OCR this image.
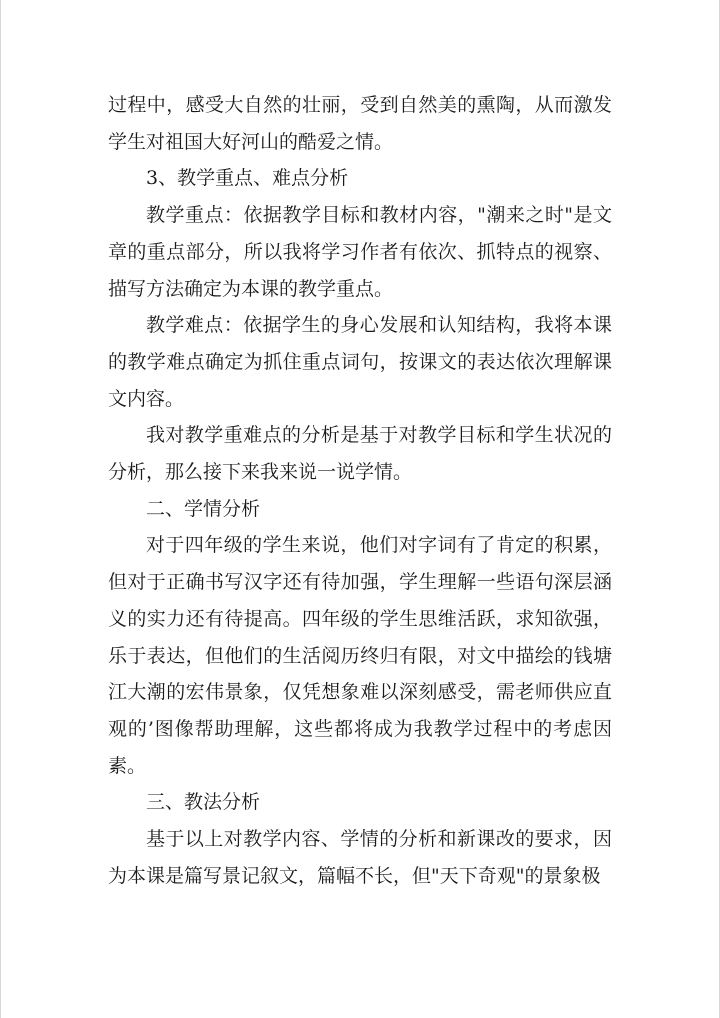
过程中，感受大自然的壮丽，受到自然美的熏陶，从而激发学生对祖国大好河山的酷爱之情。

3、教学重点、难点分析

教学重点：依据教学目标和教材内容，"潮来之时"是文章的重点部分，所以我将学习作者有依次、抓特点的视察、描写方法确定为本课的教学重点。

教学难点：依据学生的身心发展和认知结构，我将本课的教学难点确定为抓住重点词句，按课文的表达依次理解课文内容。

我对教学重难点的分析是基于对教学目标和学生状况的分析，那么接下来我来说一说学情。

二、学情分析

对于四年级的学生来说，他们对字词有了肯定的积累，但对于正确书写汉字还有待加强，学生理解一些语句深层涵义的实力还有待提高。四年级的学生思维活跃，求知欲强，乐于表达，但他们的生活阅历终归有限，对文中描绘的钱塘江大潮的宏伟景象，仅凭想象难以深刻感受，需老师供应直观的’图像帮助理解，这些都将成为我教学过程中的考虑因素。

三、教法分析

基于以上对教学内容、学情的分析和新课改的要求，因为本课是篇写景记叙文，篇幅不长，但"天下奇观"的景象极
